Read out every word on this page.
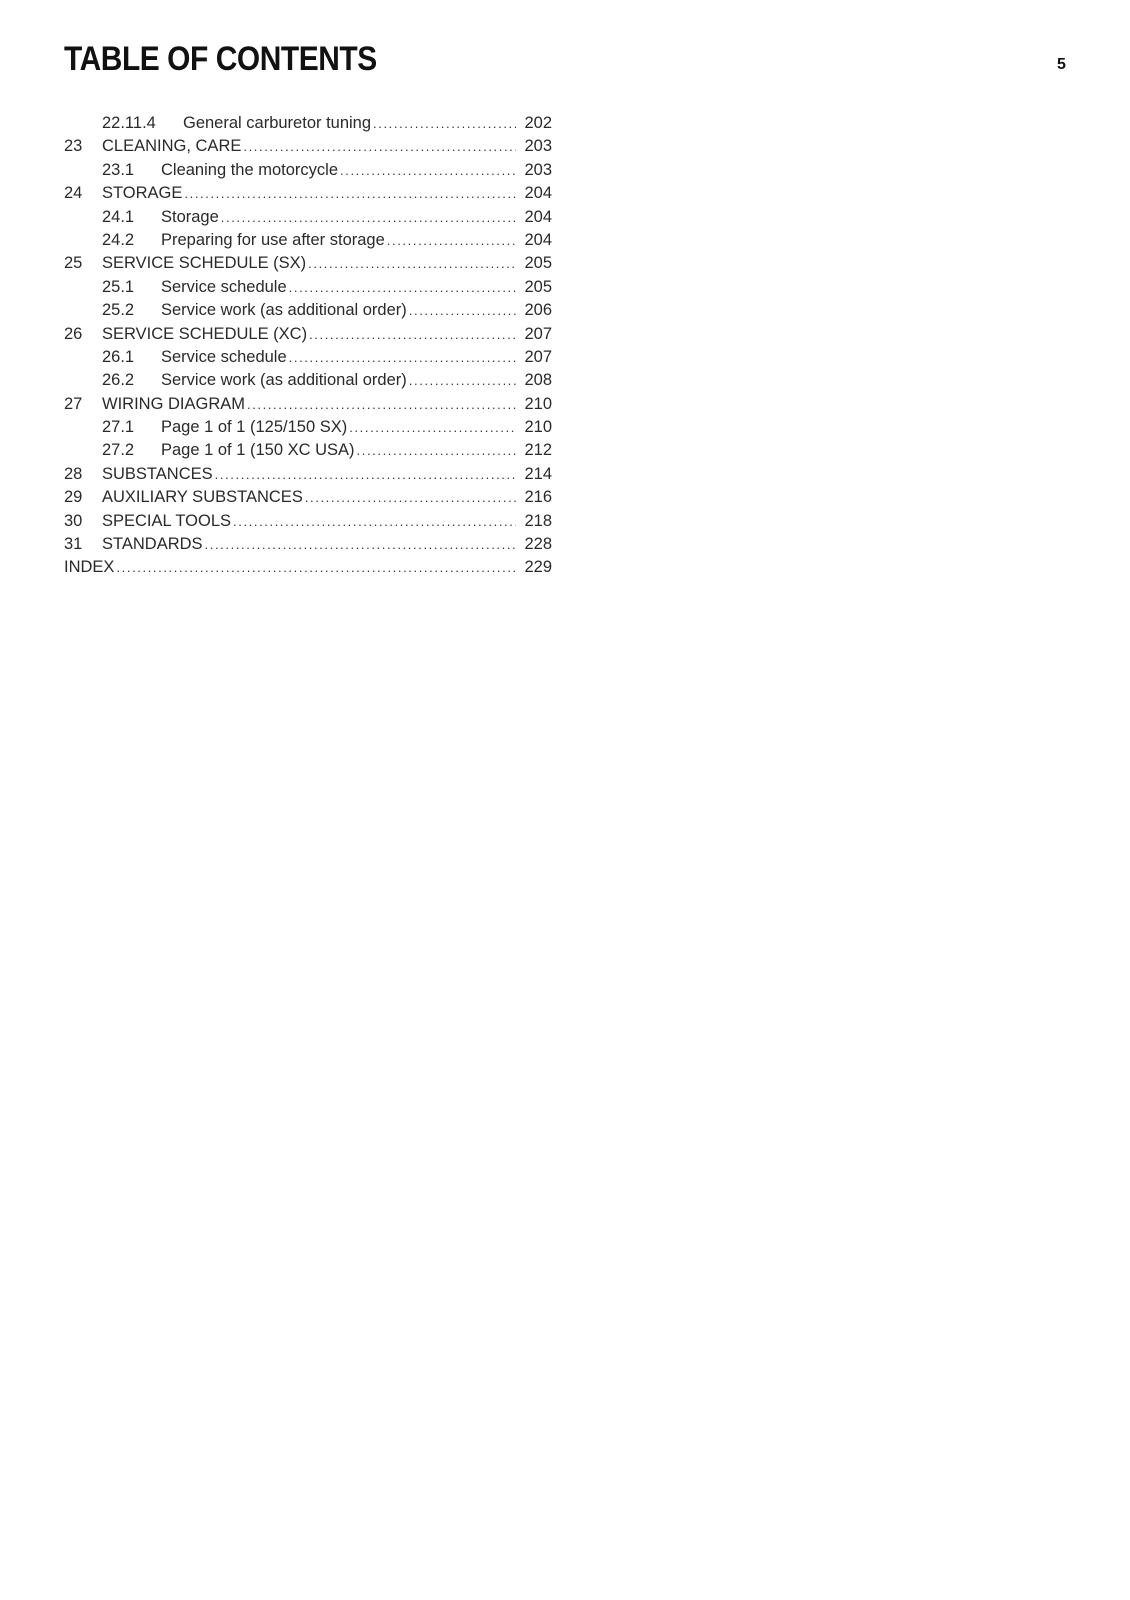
TABLE OF CONTENTS	5
22.11.4	General carburetor tuning .....	202
23	CLEANING, CARE .....	203
23.1	Cleaning the motorcycle .....	203
24	STORAGE .....	204
24.1	Storage .....	204
24.2	Preparing for use after storage .....	204
25	SERVICE SCHEDULE (SX) .....	205
25.1	Service schedule .....	205
25.2	Service work (as additional order) .....	206
26	SERVICE SCHEDULE (XC) .....	207
26.1	Service schedule .....	207
26.2	Service work (as additional order) .....	208
27	WIRING DIAGRAM .....	210
27.1	Page 1 of 1 (125/150 SX) .....	210
27.2	Page 1 of 1 (150 XC USA) .....	212
28	SUBSTANCES .....	214
29	AUXILIARY SUBSTANCES .....	216
30	SPECIAL TOOLS .....	218
31	STANDARDS .....	228
INDEX .....	229
